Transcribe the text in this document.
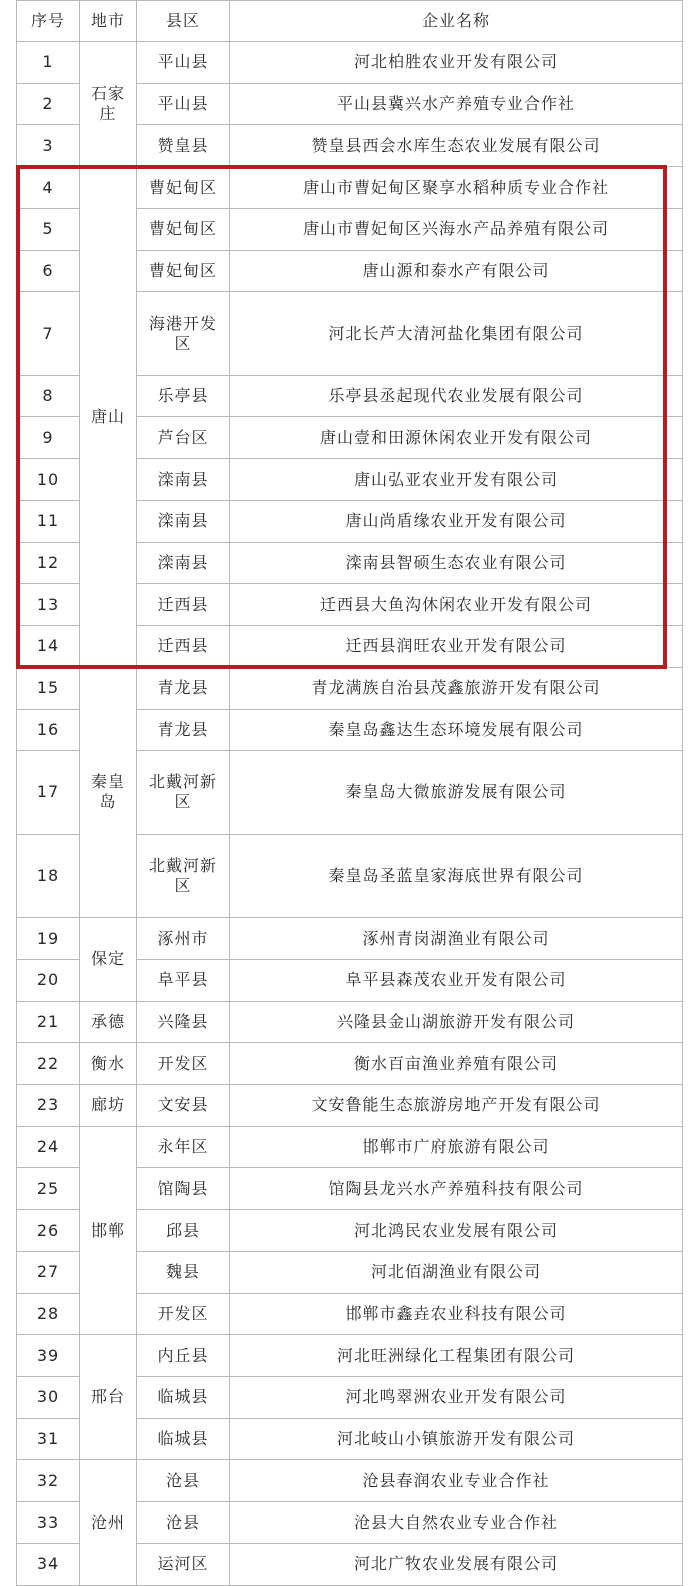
序号	地市	县区	企业名称
1	石家庄	平山县	河北柏胜农业开发有限公司
2		平山县	平山县冀兴水产养殖专业合作社
3		赞皇县	赞皇县西会水库生态农业发展有限公司
4	唐山	曹妃甸区	唐山市曹妃甸区聚享水稻种质专业合作社
5		曹妃甸区	唐山市曹妃甸区兴海水产品养殖有限公司
6		曹妃甸区	唐山源和泰水产有限公司
7		海港开发区	河北长芦大清河盐化集团有限公司
8		乐亭县	乐亭县丞起现代农业发展有限公司
9		芦台区	唐山壹和田源休闲农业开发有限公司
10		滦南县	唐山弘亚农业开发有限公司
11		滦南县	唐山尚盾缘农业开发有限公司
12		滦南县	滦南县智硕生态农业有限公司
13		迁西县	迁西县大鱼沟休闲农业开发有限公司
14		迁西县	迁西县润旺农业开发有限公司
15	秦皇岛	青龙县	青龙满族自治县茂鑫旅游开发有限公司
16		青龙县	秦皇岛鑫达生态环境发展有限公司
17		北戴河新区	秦皇岛大微旅游发展有限公司
18		北戴河新区	秦皇岛圣蓝皇家海底世界有限公司
19	保定	涿州市	涿州青岗湖渔业有限公司
20		阜平县	阜平县森茂农业开发有限公司
21	承德	兴隆县	兴隆县金山湖旅游开发有限公司
22	衡水	开发区	衡水百亩渔业养殖有限公司
23	廊坊	文安县	文安鲁能生态旅游房地产开发有限公司
24	邯郸	永年区	邯郸市广府旅游有限公司
25		馆陶县	馆陶县龙兴水产养殖科技有限公司
26		邱县	河北鸿民农业发展有限公司
27		魏县	河北佰湖渔业有限公司
28		开发区	邯郸市鑫垚农业科技有限公司
39	邢台	内丘县	河北旺洲绿化工程集团有限公司
30		临城县	河北鸣翠洲农业开发有限公司
31		临城县	河北岐山小镇旅游开发有限公司
32	沧州	沧县	沧县春润农业专业合作社
33		沧县	沧县大自然农业专业合作社
34		运河区	河北广牧农业发展有限公司
